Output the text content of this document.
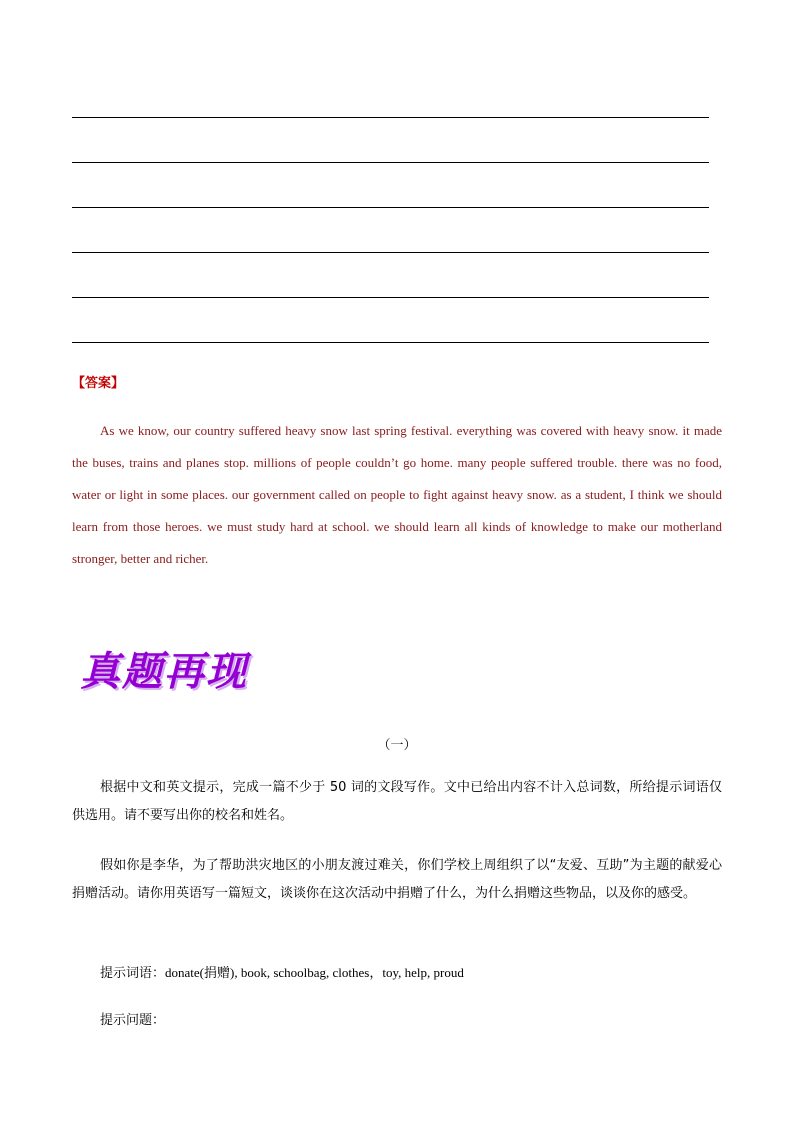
【答案】

As we know, our country suffered heavy snow last spring festival. everything was covered with heavy snow. it made the buses, trains and planes stop. millions of people couldn’t go home. many people suffered trouble. there was no food, water or light in some places. our government called on people to fight against heavy snow. as a student, I think we should learn from those heroes. we must study hard at school. we should learn all kinds of knowledge to make our motherland stronger, better and richer.

真题再现
（一）

根据中文和英文提示，完成一篇不少于 50 词的文段写作。文中已给出内容不计入总词数，所给提示词语仅供选用。请不要写出你的校名和姓名。

假如你是李华，为了帮助洪灾地区的小朋友渡过难关，你们学校上周组织了以“友爱、互助”为主题的献爱心捐赠活动。请你用英语写一篇短文，谈谈你在这次活动中捐赠了什么，为什么捐赠这些物品，以及你的感受。

提示词语：donate(捐赠), book, schoolbag, clothes，toy, help, proud
提示问题：
